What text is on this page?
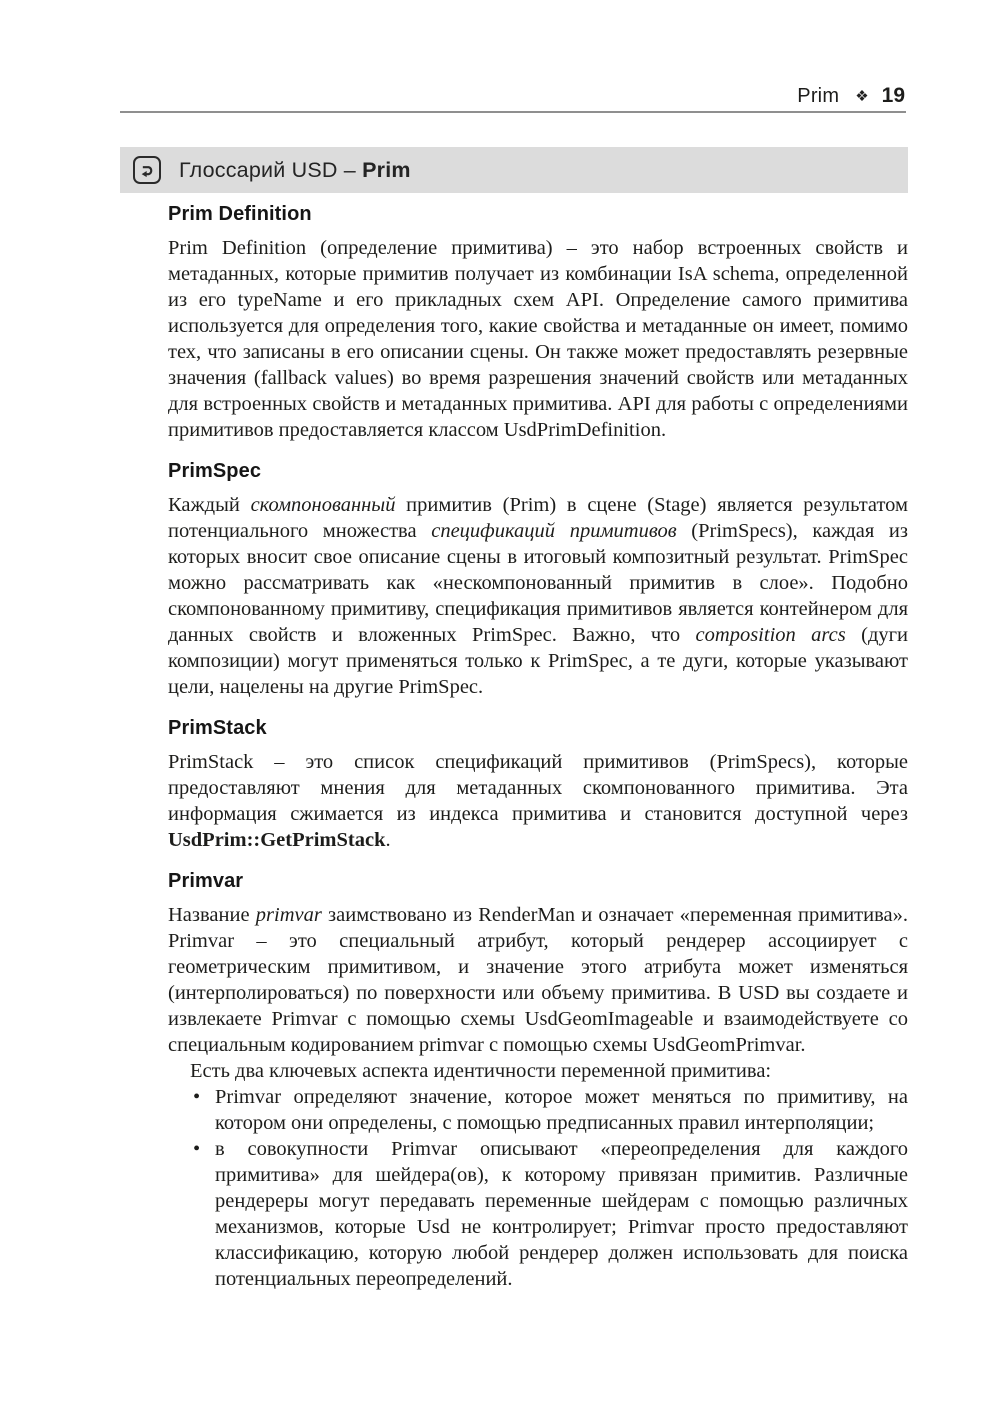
Prim ❖ 19
Глоссарий USD – Prim
Prim Definition

Prim Definition (определение примитива) – это набор встроенных свойств и метаданных, которые примитив получает из комбинации IsA schema, определенной из его typeName и его прикладных схем API. Определение самого примитива используется для определения того, какие свойства и метаданные он имеет, помимо тех, что записаны в его описании сцены. Он также может предоставлять резервные значения (fallback values) во время разрешения значений свойств или метаданных для встроенных свойств и метаданных примитива. API для работы с определениями примитивов предоставляется классом UsdPrimDefinition.

PrimSpec

Каждый скомпонованный примитив (Prim) в сцене (Stage) является результатом потенциального множества спецификаций примитивов (PrimSpecs), каждая из которых вносит свое описание сцены в итоговый композитный результат. PrimSpec можно рассматривать как «нескомпонованный примитив в слое». Подобно скомпонованному примитиву, спецификация примитивов является контейнером для данных свойств и вложенных PrimSpec. Важно, что composition arcs (дуги композиции) могут применяться только к PrimSpec, а те дуги, которые указывают цели, нацелены на другие PrimSpec.

PrimStack

PrimStack – это список спецификаций примитивов (PrimSpecs), которые предоставляют мнения для метаданных скомпонованного примитива. Эта информация сжимается из индекса примитива и становится доступной через UsdPrim::GetPrimStack.

Primvar

Название primvar заимствовано из RenderMan и означает «переменная примитива». Primvar – это специальный атрибут, который рендерер ассоциирует с геометрическим примитивом, и значение этого атрибута может изменяться (интерполироваться) по поверхности или объему примитива. В USD вы создаете и извлекаете Primvar с помощью схемы UsdGeomImageable и взаимодействуете со специальным кодированием primvar с помощью схемы UsdGeomPrimvar.

Есть два ключевых аспекта идентичности переменной примитива:

• Primvar определяют значение, которое может меняться по примитиву, на котором они определены, с помощью предписанных правил интерполяции;
• в совокупности Primvar описывают «переопределения для каждого примитива» для шейдера(ов), к которому привязан примитив. Различные рендереры могут передавать переменные шейдерам с помощью различных механизмов, которые Usd не контролирует; Primvar просто предоставляют классификацию, которую любой рендерер должен использовать для поиска потенциальных переопределений.
